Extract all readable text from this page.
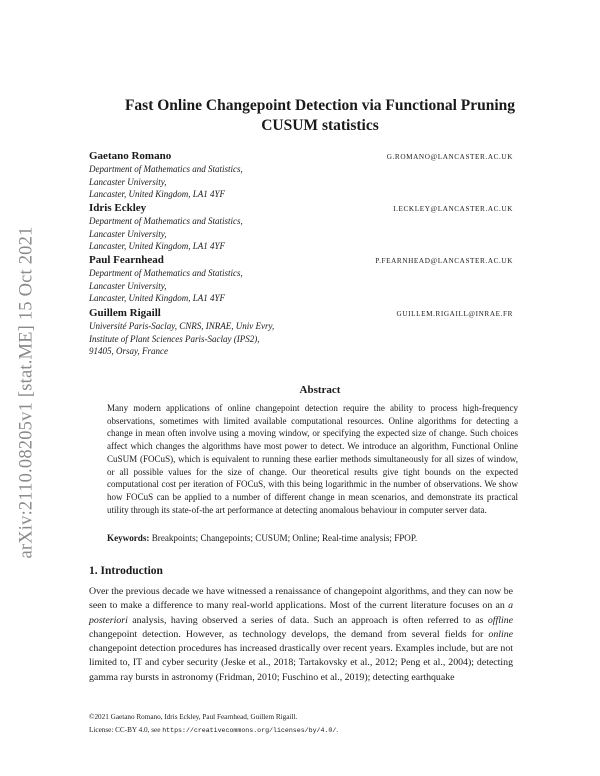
arXiv:2110.08205v1 [stat.ME] 15 Oct 2021
Fast Online Changepoint Detection via Functional Pruning
CUSUM statistics
Gaetano Romano	G.ROMANO@LANCASTER.AC.UK
Department of Mathematics and Statistics,
Lancaster University,
Lancaster, United Kingdom, LA1 4YF
Idris Eckley	I.ECKLEY@LANCASTER.AC.UK
Department of Mathematics and Statistics,
Lancaster University,
Lancaster, United Kingdom, LA1 4YF
Paul Fearnhead	P.FEARNHEAD@LANCASTER.AC.UK
Department of Mathematics and Statistics,
Lancaster University,
Lancaster, United Kingdom, LA1 4YF
Guillem Rigaill	GUILLEM.RIGAILL@INRAE.FR
Université Paris-Saclay, CNRS, INRAE, Univ Evry,
Institute of Plant Sciences Paris-Saclay (IPS2),
91405, Orsay, France
Abstract
Many modern applications of online changepoint detection require the ability to process high-frequency observations, sometimes with limited available computational resources. Online algorithms for detecting a change in mean often involve using a moving window, or specifying the expected size of change. Such choices affect which changes the algorithms have most power to detect. We introduce an algorithm, Functional Online CuSUM (FOCuS), which is equivalent to running these earlier methods simultaneously for all sizes of window, or all possible values for the size of change. Our theoretical results give tight bounds on the expected computational cost per iteration of FOCuS, with this being logarithmic in the number of observations. We show how FOCuS can be applied to a number of different change in mean scenarios, and demonstrate its practical utility through its state-of-the art performance at detecting anomalous behaviour in computer server data.
Keywords: Breakpoints; Changepoints; CUSUM; Online; Real-time analysis; FPOP.
1. Introduction
Over the previous decade we have witnessed a renaissance of changepoint algorithms, and they can now be seen to make a difference to many real-world applications. Most of the current literature focuses on an a posteriori analysis, having observed a series of data. Such an approach is often referred to as offline changepoint detection. However, as technology develops, the demand from several fields for online changepoint detection procedures has increased drastically over recent years. Examples include, but are not limited to, IT and cyber security (Jeske et al., 2018; Tartakovsky et al., 2012; Peng et al., 2004); detecting gamma ray bursts in astronomy (Fridman, 2010; Fuschino et al., 2019); detecting earthquake
©2021 Gaetano Romano, Idris Eckley, Paul Fearnhead, Guillem Rigaill.
License: CC-BY 4.0, see https://creativecommons.org/licenses/by/4.0/.
